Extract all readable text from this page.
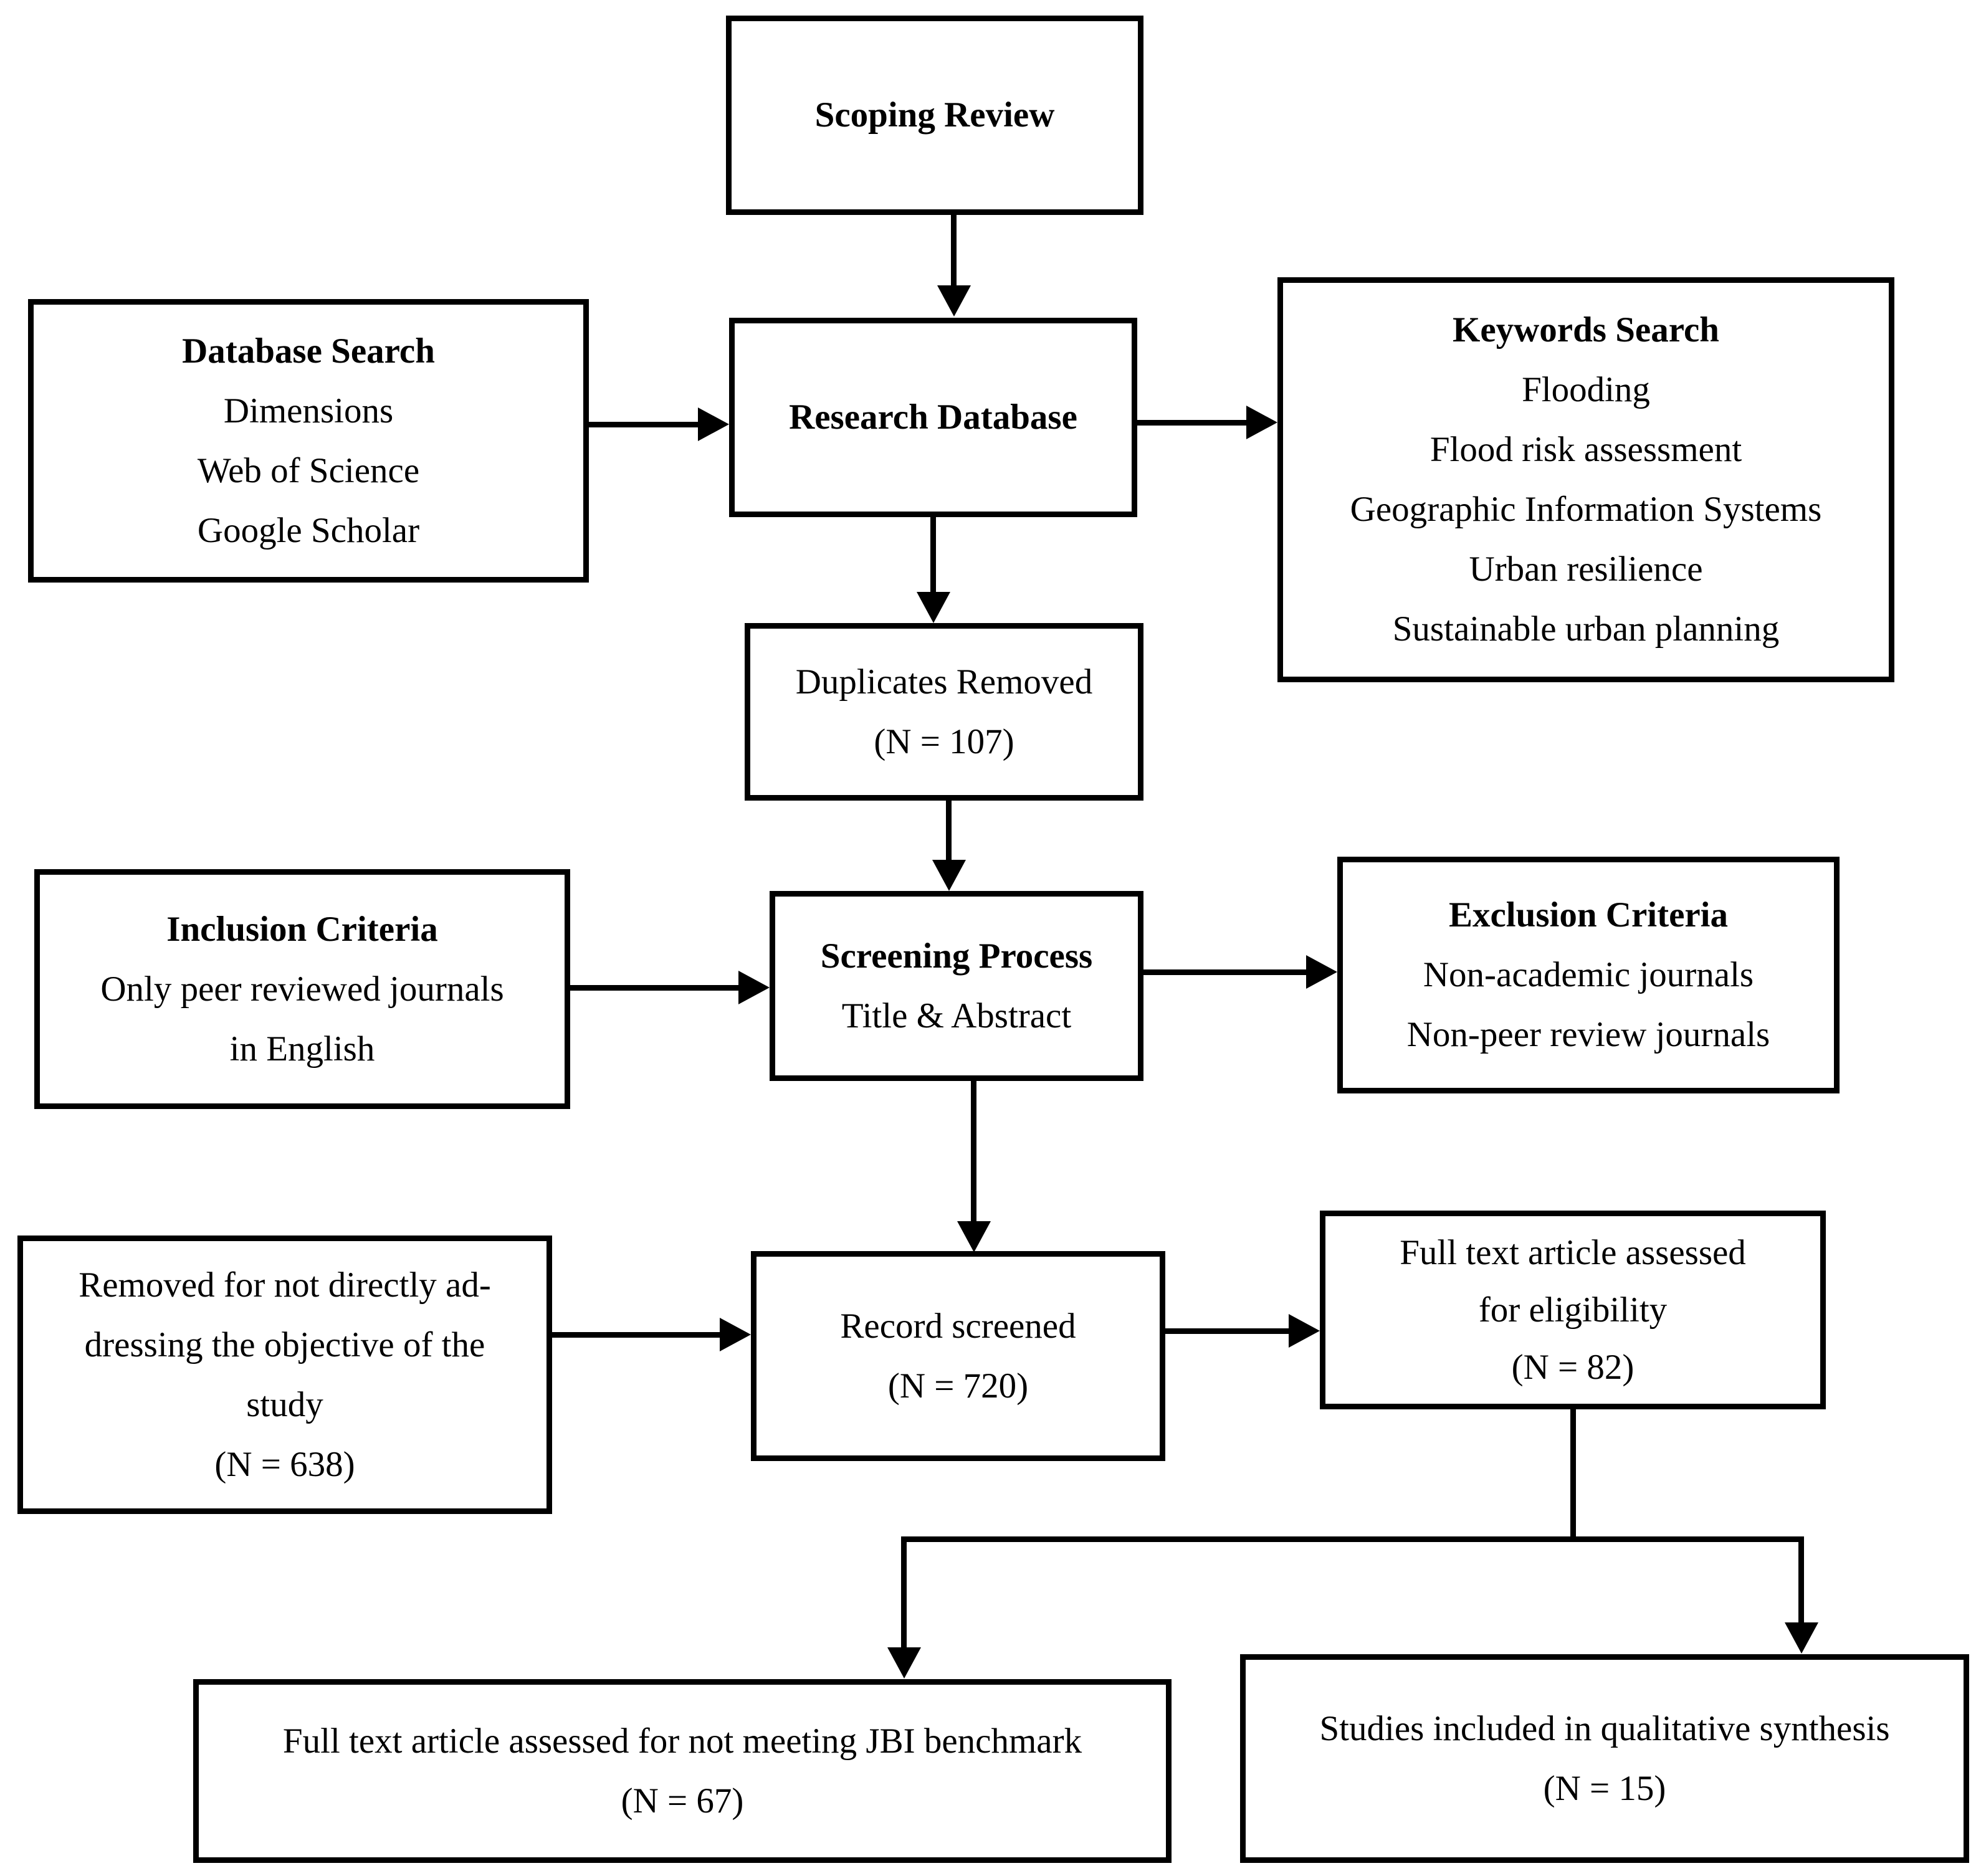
Scoping Review
Database Search
Dimensions
Web of Science
Google Scholar
Research Database
Keywords Search
Flooding
Flood risk assessment
Geographic Information Systems
Urban resilience
Sustainable urban planning
Duplicates Removed
(N = 107)
Inclusion Criteria
Only peer reviewed journals
in English
Screening Process
Title & Abstract
Exclusion Criteria
Non-academic journals
Non-peer review journals
Removed for not directly ad-
dressing the objective of the
study
(N = 638)
Record screened
(N = 720)
Full text article assessed
for eligibility
(N = 82)
Full text article assessed for not meeting JBI benchmark
(N = 67)
Studies included in qualitative synthesis
(N = 15)
